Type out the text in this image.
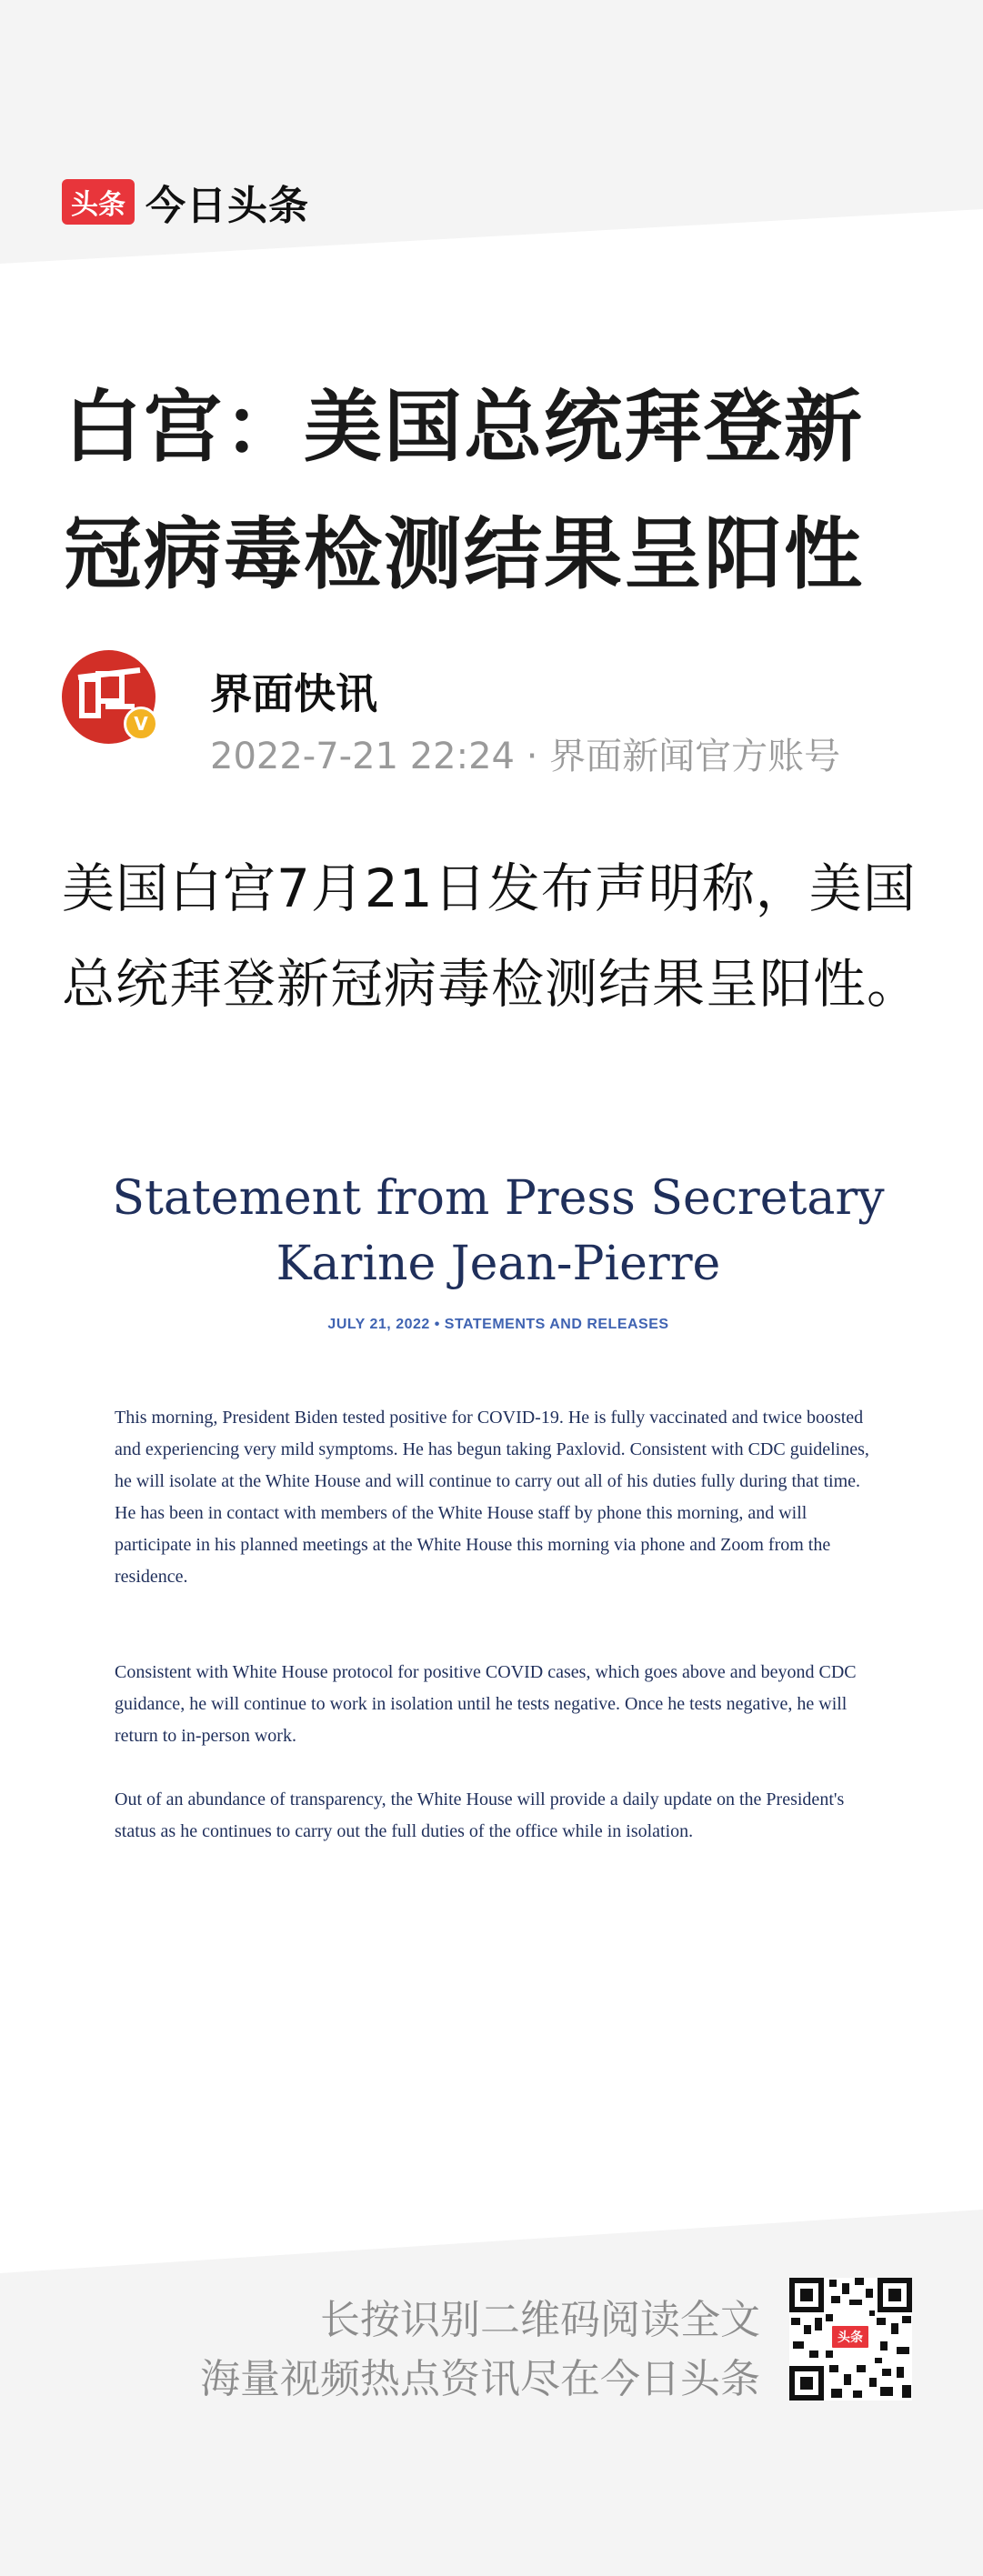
头条 今日头条
白宫：美国总统拜登新冠病毒检测结果呈阳性
V
界面快讯
2022-7-21 22:24 · 界面新闻官方账号

美国白宫7月21日发布声明称，美国总统拜登新冠病毒检测结果呈阳性。

Statement from Press Secretary
Karine Jean-Pierre
JULY 21, 2022 • STATEMENTS AND RELEASES

This morning, President Biden tested positive for COVID-19. He is fully vaccinated and twice boosted and experiencing very mild symptoms. He has begun taking Paxlovid. Consistent with CDC guidelines, he will isolate at the White House and will continue to carry out all of his duties fully during that time. He has been in contact with members of the White House staff by phone this morning, and will participate in his planned meetings at the White House this morning via phone and Zoom from the residence.

Consistent with White House protocol for positive COVID cases, which goes above and beyond CDC guidance, he will continue to work in isolation until he tests negative. Once he tests negative, he will return to in-person work.

Out of an abundance of transparency, the White House will provide a daily update on the President's status as he continues to carry out the full duties of the office while in isolation.

长按识别二维码阅读全文
海量视频热点资讯尽在今日头条
头条
